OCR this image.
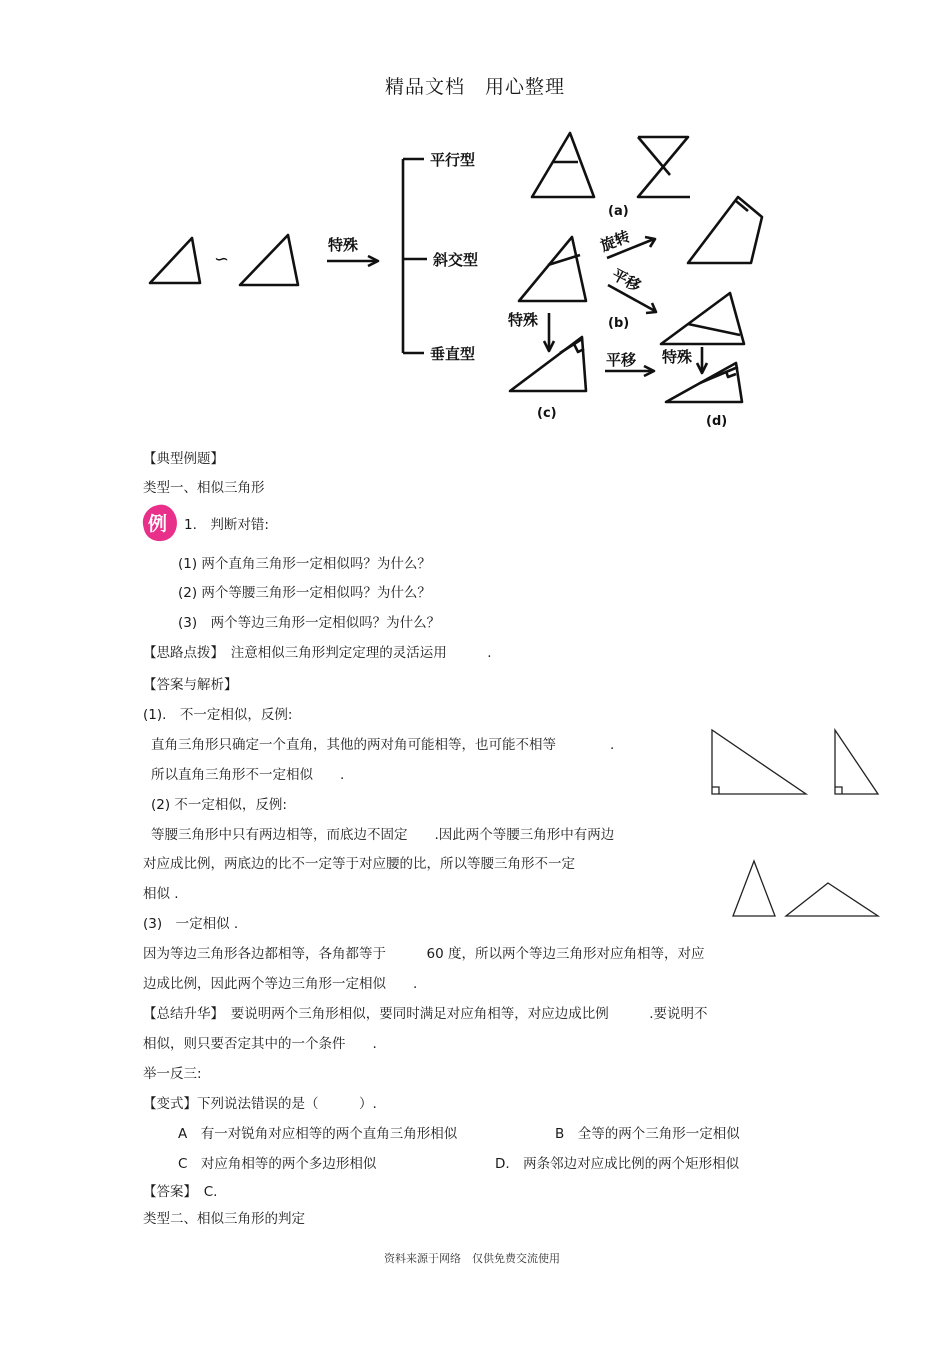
精品文档　用心整理
∽
特殊
平行型
斜交型
垂直型
旋转
平移
特殊
平移 特殊
(a)
(b)
(c)
(d)
【典型例题】
类型一、相似三角形
例 1.　判断对错:
(1) 两个直角三角形一定相似吗？为什么？
(2) 两个等腰三角形一定相似吗？为什么？
(3)　两个等边三角形一定相似吗？为什么？
【思路点拨】　注意相似三角形判定定理的灵活运用　　　.
【答案与解析】
(1).　不一定相似，反例:
直角三角形只确定一个直角，其他的两对角可能相等，也可能不相等　　　　.
所以直角三角形不一定相似　　.
(2) 不一定相似，反例:
等腰三角形中只有两边相等，而底边不固定　　.因此两个等腰三角形中有两边
对应成比例，两底边的比不一定等于对应腰的比，所以等腰三角形不一定
相似 .
(3)　一定相似 .
因为等边三角形各边都相等，各角都等于　　　60 度，所以两个等边三角形对应角相等，对应
边成比例，因此两个等边三角形一定相似　　.
【总结升华】　要说明两个三角形相似，要同时满足对应角相等，对应边成比例　　　.要说明不
相似，则只要否定其中的一个条件　　.
举一反三:
【变式】下列说法错误的是（　　　）.
A　有一对锐角对应相等的两个直角三角形相似	B　全等的两个三角形一定相似
C　对应角相等的两个多边形相似	D.　两条邻边对应成比例的两个矩形相似
【答案】　C.
类型二、相似三角形的判定
资料来源于网络　仅供免费交流使用
